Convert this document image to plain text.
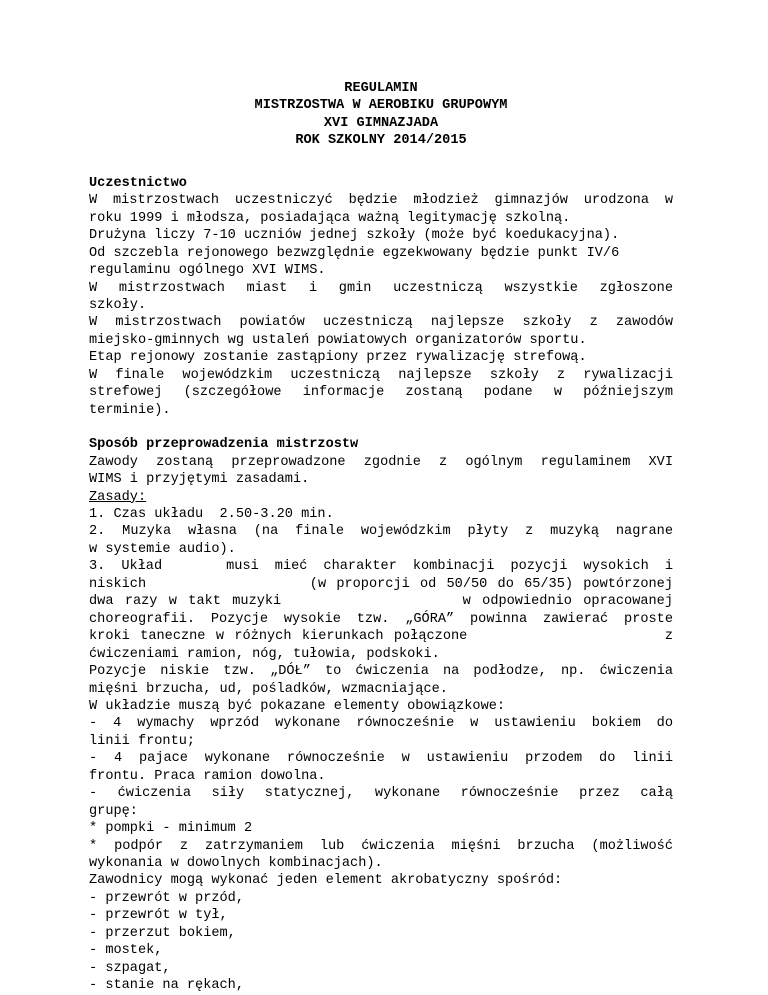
REGULAMIN
MISTRZOSTWA W AEROBIKU GRUPOWYM
XVI GIMNAZJADA
ROK SZKOLNY 2014/2015
Uczestnictwo
W mistrzostwach uczestniczyć będzie młodzież gimnazjów urodzona w
roku 1999 i młodsza, posiadająca ważną legitymację szkolną.
Drużyna liczy 7-10 uczniów jednej szkoły (może być koedukacyjna).
Od szczebla rejonowego bezwzględnie egzekwowany będzie punkt IV/6
regulaminu ogólnego XVI WIMS.
W mistrzostwach miast i gmin uczestniczą wszystkie zgłoszone
szkoły.
W mistrzostwach powiatów uczestniczą najlepsze szkoły z zawodów
miejsko-gminnych wg ustaleń powiatowych organizatorów sportu.
Etap rejonowy zostanie zastąpiony przez rywalizację strefową.
W finale wojewódzkim uczestniczą najlepsze szkoły z rywalizacji
strefowej (szczegółowe informacje zostaną podane w późniejszym
terminie).
Sposób przeprowadzenia mistrzostw
Zawody zostaną przeprowadzone zgodnie z ogólnym regulaminem XVI
WIMS i przyjętymi zasadami.
Zasady:
1. Czas układu  2.50-3.20 min.
2. Muzyka własna (na finale wojewódzkim płyty z muzyką nagrane
w systemie audio).
3. Układ    musi mieć charakter kombinacji pozycji wysokich i
niskich                (w proporcji od 50/50 do 65/35) powtórzonej
dwa razy w takt muzyki                w odpowiednio opracowanej
choreografii. Pozycje wysokie tzw. „GÓRA” powinna zawierać proste
kroki taneczne w różnych kierunkach połączone                   z
ćwiczeniami ramion, nóg, tułowia, podskoki.
Pozycje niskie tzw. „DÓŁ” to ćwiczenia na podłodze, np. ćwiczenia
mięśni brzucha, ud, pośladków, wzmacniające.
W układzie muszą być pokazane elementy obowiązkowe:
- 4 wymachy wprzód wykonane równocześnie w ustawieniu bokiem do
linii frontu;
- 4 pajace wykonane równocześnie w ustawieniu przodem do linii
frontu. Praca ramion dowolna.
- ćwiczenia siły statycznej, wykonane równocześnie przez całą
grupę:
* pompki - minimum 2
* podpór z zatrzymaniem lub ćwiczenia mięśni brzucha (możliwość
wykonania w dowolnych kombinacjach).
Zawodnicy mogą wykonać jeden element akrobatyczny spośród:
- przewrót w przód,
- przewrót w tył,
- przerzut bokiem,
- mostek,
- szpagat,
- stanie na rękach,
